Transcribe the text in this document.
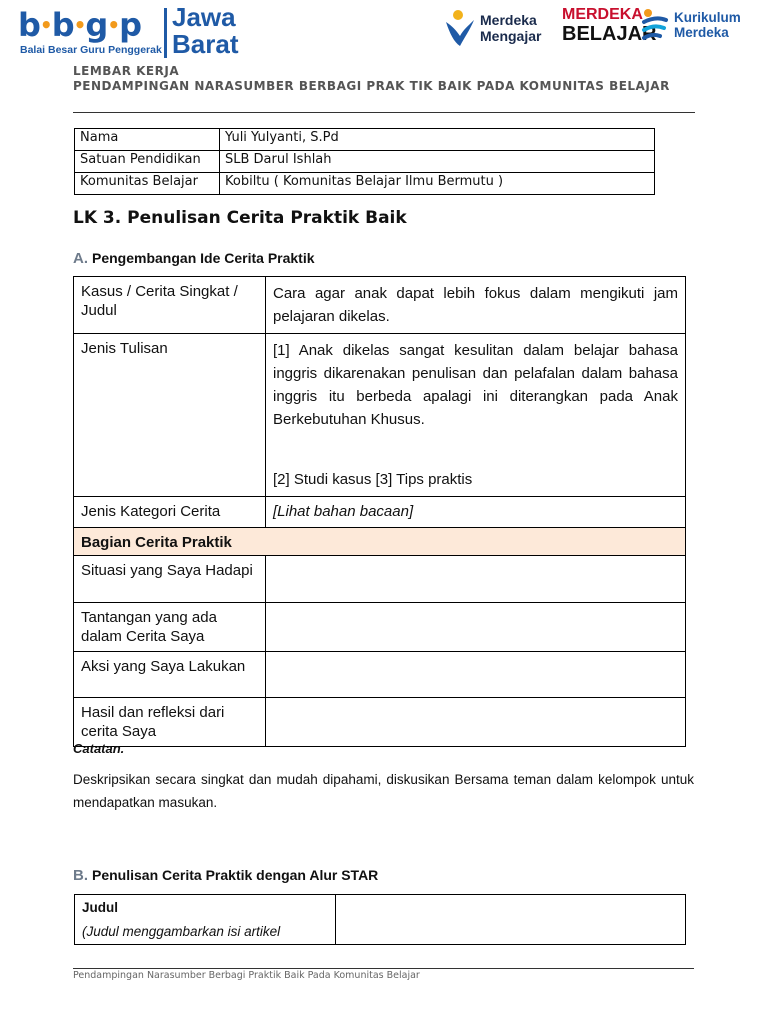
b•b•g•p
Balai Besar Guru Penggerak
Jawa
Barat
Merdeka
Mengajar
MERDEKA
BELAJAR
Kurikulum
Merdeka
LEMBAR KERJA
PENDAMPINGAN NARASUMBER BERBAGI PRAK TIK BAIK PADA KOMUNITAS BELAJAR
Nama	Yuli Yulyanti, S.Pd
Satuan Pendidikan	SLB Darul Ishlah
Komunitas Belajar	Kobiltu ( Komunitas Belajar Ilmu Bermutu )
LK 3. Penulisan Cerita Praktik Baik
A. Pengembangan Ide Cerita Praktik
Kasus / Cerita Singkat / Judul	Cara agar anak dapat lebih fokus dalam mengikuti jam pelajaran dikelas.
Jenis Tulisan	[1] Anak dikelas sangat kesulitan dalam belajar bahasa inggris dikarenakan penulisan dan pelafalan dalam bahasa inggris itu berbeda apalagi ini diterangkan pada Anak Berkebutuhan Khusus.
[2] Studi kasus [3] Tips praktis

Jenis Kategori Cerita	[Lihat bahan bacaan]
Bagian Cerita Praktik	
Situasi yang Saya Hadapi	
Tantangan yang ada dalam Cerita Saya	
Aksi yang Saya Lakukan	
Hasil dan refleksi dari cerita Saya	
Catatan.
Deskripsikan secara singkat dan mudah dipahami, diskusikan Bersama teman dalam kelompok untuk mendapatkan masukan.
B. Penulisan Cerita Praktik dengan Alur STAR
Judul
(Judul menggambarkan isi artikel

Pendampingan Narasumber Berbagi Praktik Baik Pada Komunitas Belajar
